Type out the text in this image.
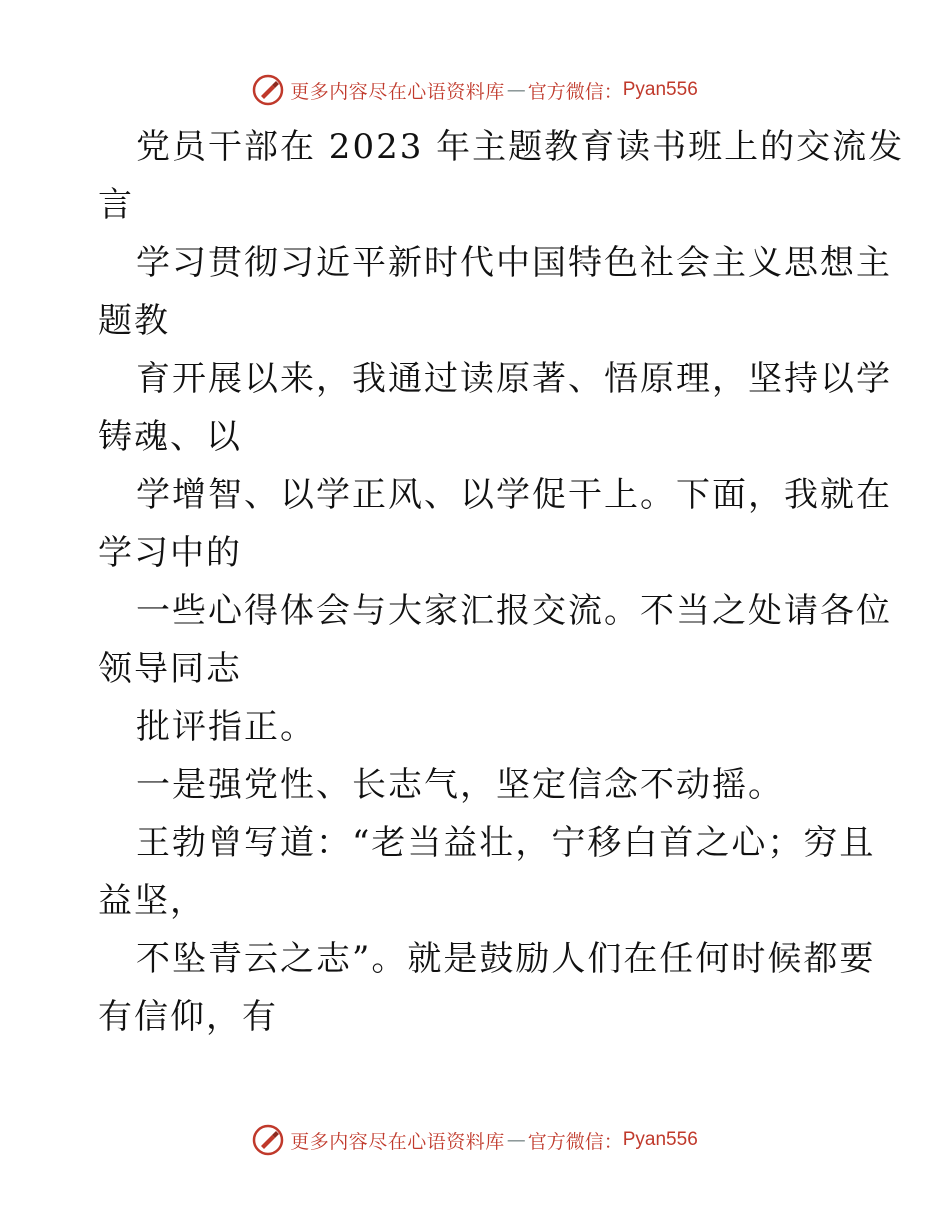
更多内容尽在心语资料库 — 官方微信： Pyan556
党员干部在 2023 年主题教育读书班上的交流发
言
学习贯彻习近平新时代中国特色社会主义思想主
题教
育开展以来，我通过读原著、悟原理，坚持以学
铸魂、以
学增智、以学正风、以学促干上。下面，我就在
学习中的
一些心得体会与大家汇报交流。不当之处请各位
领导同志
批评指正。
一是强党性、长志气，坚定信念不动摇。
王勃曾写道：“老当益壮，宁移白首之心；穷且
益坚，
不坠青云之志”。就是鼓励人们在任何时候都要
有信仰，有
更多内容尽在心语资料库 — 官方微信： Pyan556
